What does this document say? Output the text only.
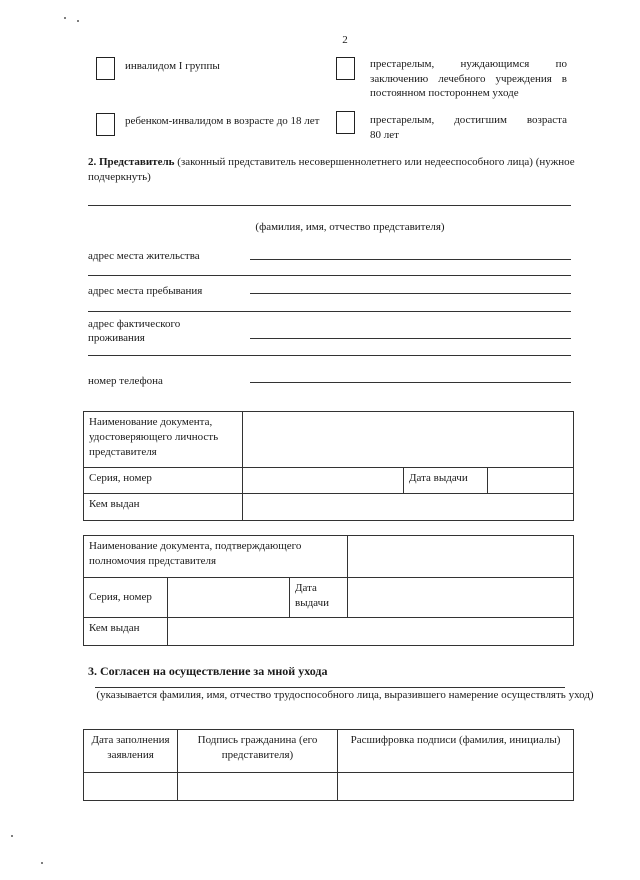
2
инвалидом I группы
ребенком-инвалидом в возрасте до 18 лет
престарелым, нуждающимся по
заключению лечебного учреждения в
постоянном постороннем уходе
престарелым, достигшим возраста
80 лет
2. Представитель (законный представитель несовершеннолетнего или недееспособного лица) (нужное подчеркнуть)
(фамилия, имя, отчество представителя)
адрес места жительства
адрес места пребывания
адрес фактического
проживания
номер телефона
Наименование документа, удостоверяющего личность представителя			
Серия, номер		Дата выдачи	
Кем выдан			
Наименование документа, подтверждающего полномочия представителя			
Серия, номер		Дата
выдачи	

Кем выдан			
3. Согласен на осуществление за мной ухода
(указывается фамилия, имя, отчество трудоспособного лица, выразившего намерение осуществлять уход)
Дата заполнения заявления	Подпись гражданина (его представителя)	Расшифровка подписи (фамилия, инициалы)
